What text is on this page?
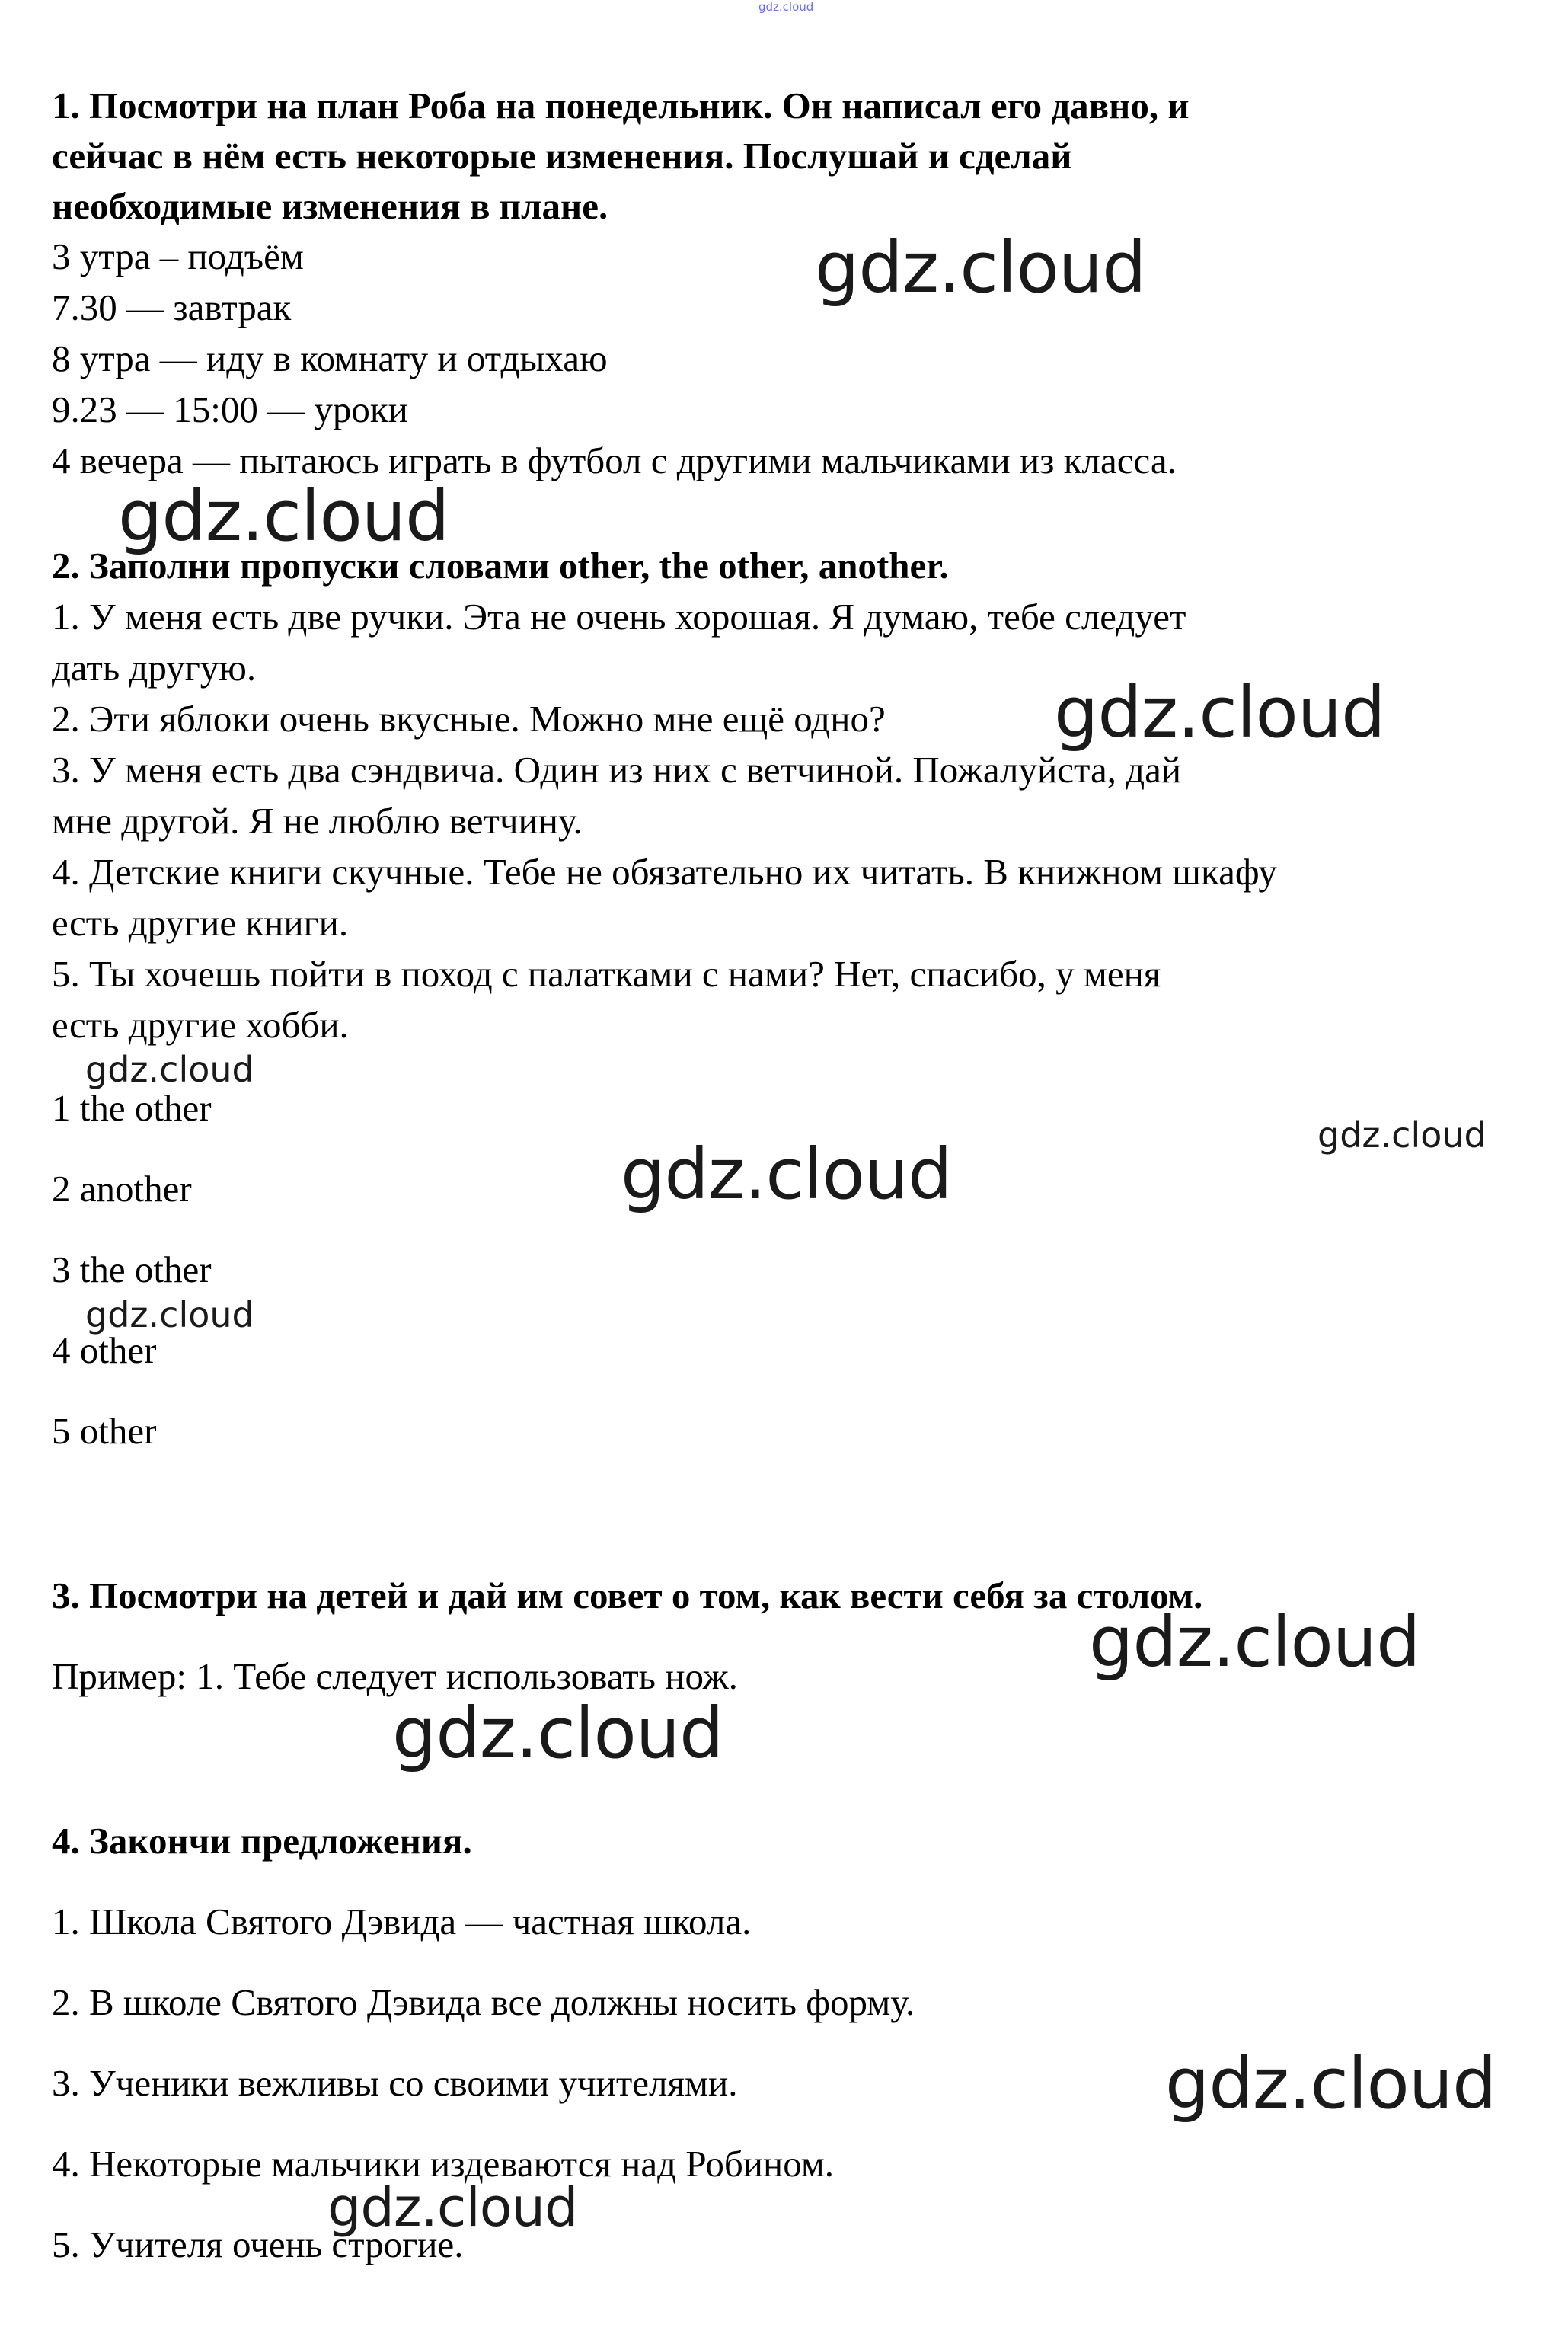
gdz.cloud

1. Посмотри на план Роба на понедельник. Он написал его давно, и

сейчас в нём есть некоторые изменения. Послушай и сделай

необходимые изменения в плане.

3 утра – подъём

7.30 — завтрак

8 утра — иду в комнату и отдыхаю

9.23 — 15:00 — уроки

4 вечера — пытаюсь играть в футбол с другими мальчиками из класса.

2. Заполни пропуски словами other, the other, another.

1. У меня есть две ручки. Эта не очень хорошая. Я думаю, тебе следует

дать другую.

2. Эти яблоки очень вкусные. Можно мне ещё одно?

3. У меня есть два сэндвича. Один из них с ветчиной. Пожалуйста, дай

мне другой. Я не люблю ветчину.

4. Детские книги скучные. Тебе не обязательно их читать. В книжном шкафу

есть другие книги.

5. Ты хочешь пойти в поход с палатками с нами? Нет, спасибо, у меня

есть другие хобби.

1 the other

2 another

3 the other

4 other

5 other

3. Посмотри на детей и дай им совет о том, как вести себя за столом.

Пример: 1. Тебе следует использовать нож.

4. Закончи предложения.

1. Школа Святого Дэвида — частная школа.

2. В школе Святого Дэвида все должны носить форму.

3. Ученики вежливы со своими учителями.

4. Некоторые мальчики издеваются над Робином.

5. Учителя очень строгие.

gdz.cloud

gdz.cloud

gdz.cloud

gdz.cloud

gdz.cloud

gdz.cloud

gdz.cloud

gdz.cloud

gdz.cloud

gdz.cloud

gdz.cloud
